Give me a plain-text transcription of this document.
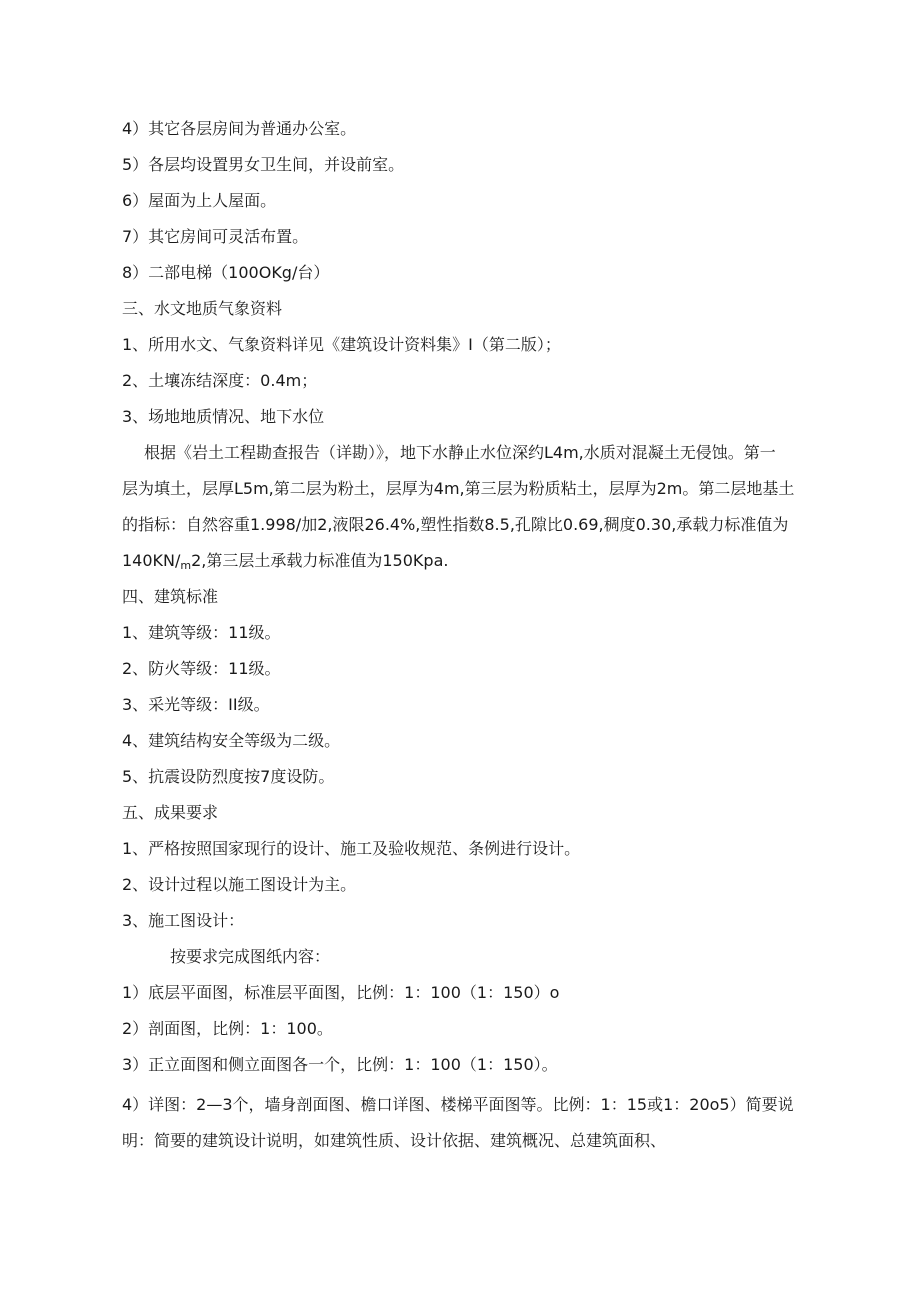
4）其它各层房间为普通办公室。
5）各层均设置男女卫生间，并设前室。
6）屋面为上人屋面。
7）其它房间可灵活布置。
8）二部电梯（100OKg/台）
三、水文地质气象资料
1、所用水文、气象资料详见《建筑设计资料集》I（第二版）；
2、土壤冻结深度：0.4m；
3、场地地质情况、地下水位
根据《岩土工程勘查报告（详勘）》，地下水静止水位深约L4m,水质对混凝土无侵蚀。第一
层为填土，层厚L5m,第二层为粉土，层厚为4m,第三层为粉质粘土，层厚为2m。第二层地基土
的指标：自然容重1.998/加2,液限26.4%,塑性指数8.5,孔隙比0.69,稠度0.30,承载力标准值为
$140KN/_m2$,第三层土承载力标准值为150Kpa.
四、建筑标准
1、建筑等级：11级。
2、防火等级：11级。
3、采光等级：II级。
4、建筑结构安全等级为二级。
5、抗震设防烈度按7度设防。
五、成果要求
1、严格按照国家现行的设计、施工及验收规范、条例进行设计。
2、设计过程以施工图设计为主。
3、施工图设计：
按要求完成图纸内容：
1）底层平面图，标准层平面图，比例：1：100（1：150）o
2）剖面图，比例：1：100。
3）正立面图和侧立面图各一个，比例：1：100（1：150）。
4）详图：2—3个，墙身剖面图、檐口详图、楼梯平面图等。比例：1：15或1：20o5）简要说
明：简要的建筑设计说明，如建筑性质、设计依据、建筑概况、总建筑面积、
